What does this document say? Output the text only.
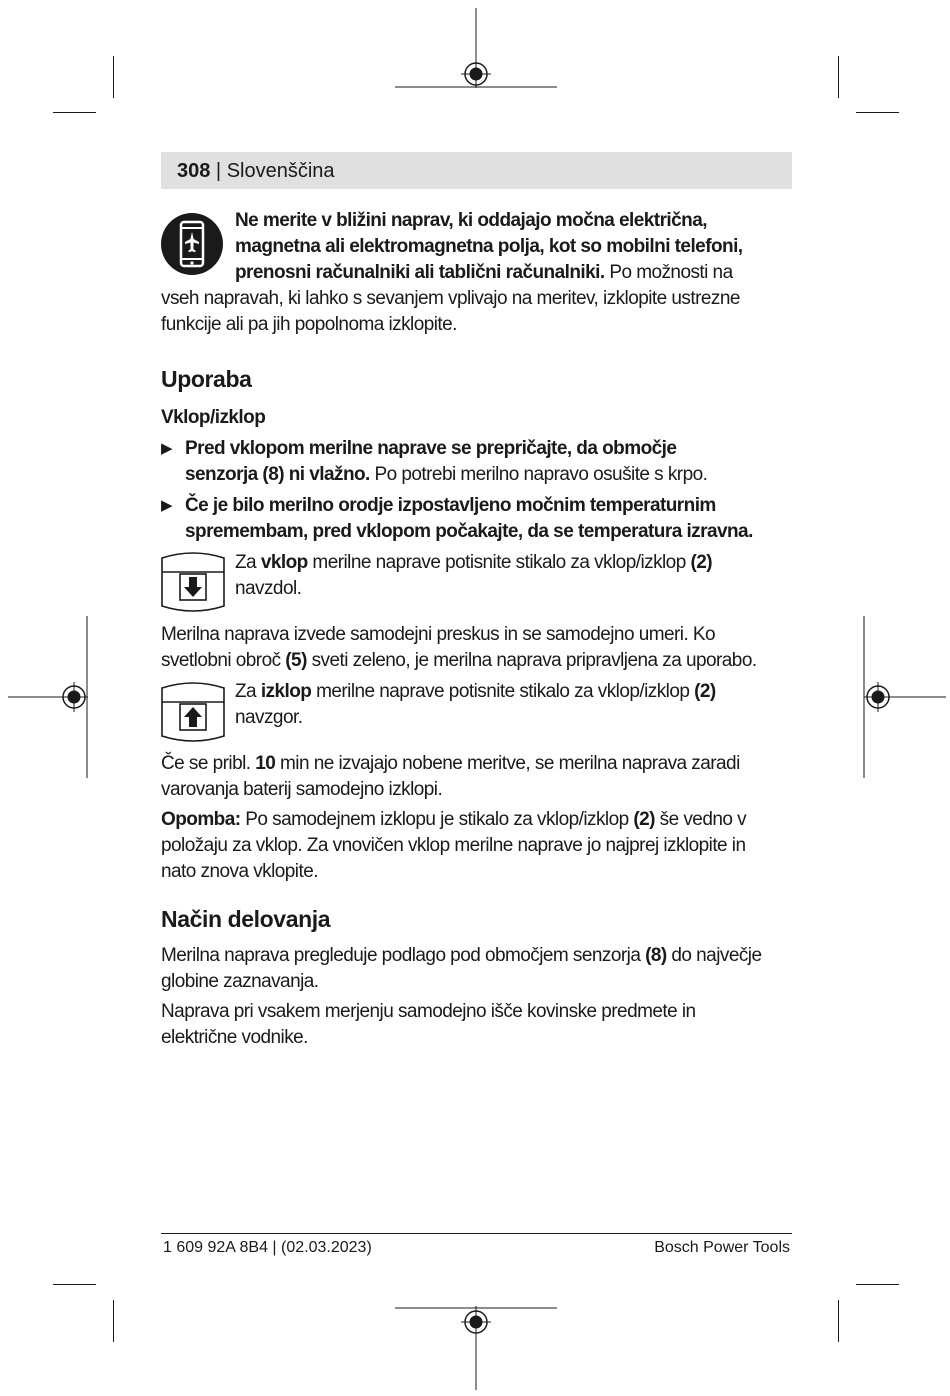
308 | Slovenščina
Ne merite v bližini naprav, ki oddajajo močna električna,
magnetna ali elektromagnetna polja, kot so mobilni telefoni,
prenosni računalniki ali tablični računalniki. Po možnosti na
vseh napravah, ki lahko s sevanjem vplivajo na meritev, izklopite ustrezne
funkcije ali pa jih popolnoma izklopite.
Uporaba
Vklop/izklop
▶ Pred vklopom merilne naprave se prepričajte, da območje
senzorja (8) ni vlažno. Po potrebi merilno napravo osušite s krpo.
▶ Če je bilo merilno orodje izpostavljeno močnim temperaturnim
spremembam, pred vklopom počakajte, da se temperatura izravna.
Za vklop merilne naprave potisnite stikalo za vklop/izklop (2)
navzdol.
Merilna naprava izvede samodejni preskus in se samodejno umeri. Ko
svetlobni obroč (5) sveti zeleno, je merilna naprava pripravljena za uporabo.
Za izklop merilne naprave potisnite stikalo za vklop/izklop (2)
navzgor.
Če se pribl. 10 min ne izvajajo nobene meritve, se merilna naprava zaradi
varovanja baterij samodejno izklopi.
Opomba: Po samodejnem izklopu je stikalo za vklop/izklop (2) še vedno v
položaju za vklop. Za vnovičen vklop merilne naprave jo najprej izklopite in
nato znova vklopite.
Način delovanja
Merilna naprava pregleduje podlago pod območjem senzorja (8) do največje
globine zaznavanja.
Naprava pri vsakem merjenju samodejno išče kovinske predmete in
električne vodnike.
1 609 92A 8B4 | (02.03.2023)	Bosch Power Tools
